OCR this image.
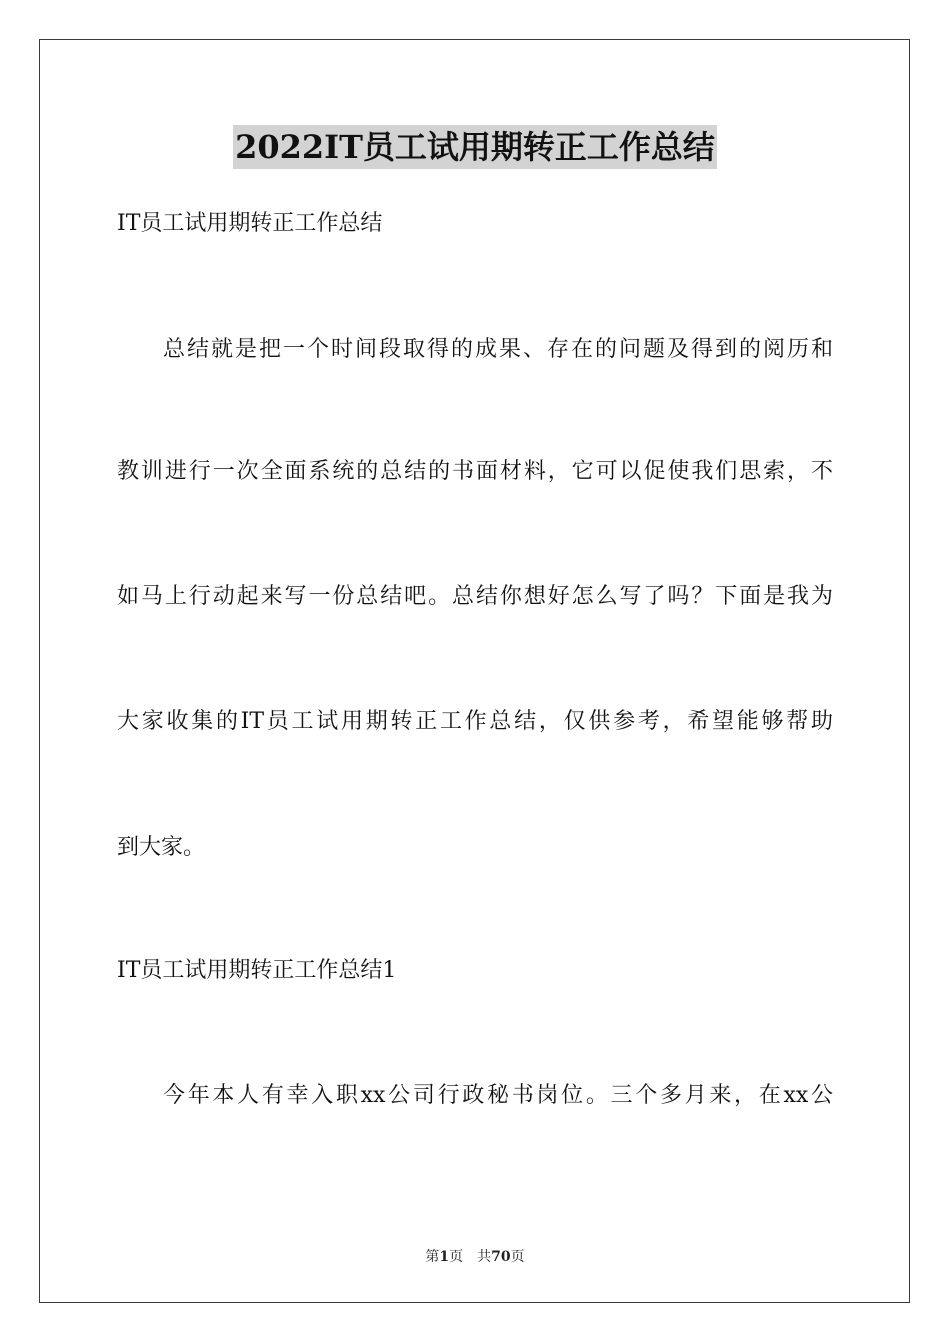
2022IT员工试用期转正工作总结
IT员工试用期转正工作总结
总结就是把一个时间段取得的成果、存在的问题及得到的阅历和
教训进行一次全面系统的总结的书面材料，它可以促使我们思索，不
如马上行动起来写一份总结吧。总结你想好怎么写了吗？下面是我为
大家收集的IT员工试用期转正工作总结，仅供参考，希望能够帮助
到大家。
IT员工试用期转正工作总结1
今年本人有幸入职xx公司行政秘书岗位。三个多月来，在xx公
第1页 共70页
